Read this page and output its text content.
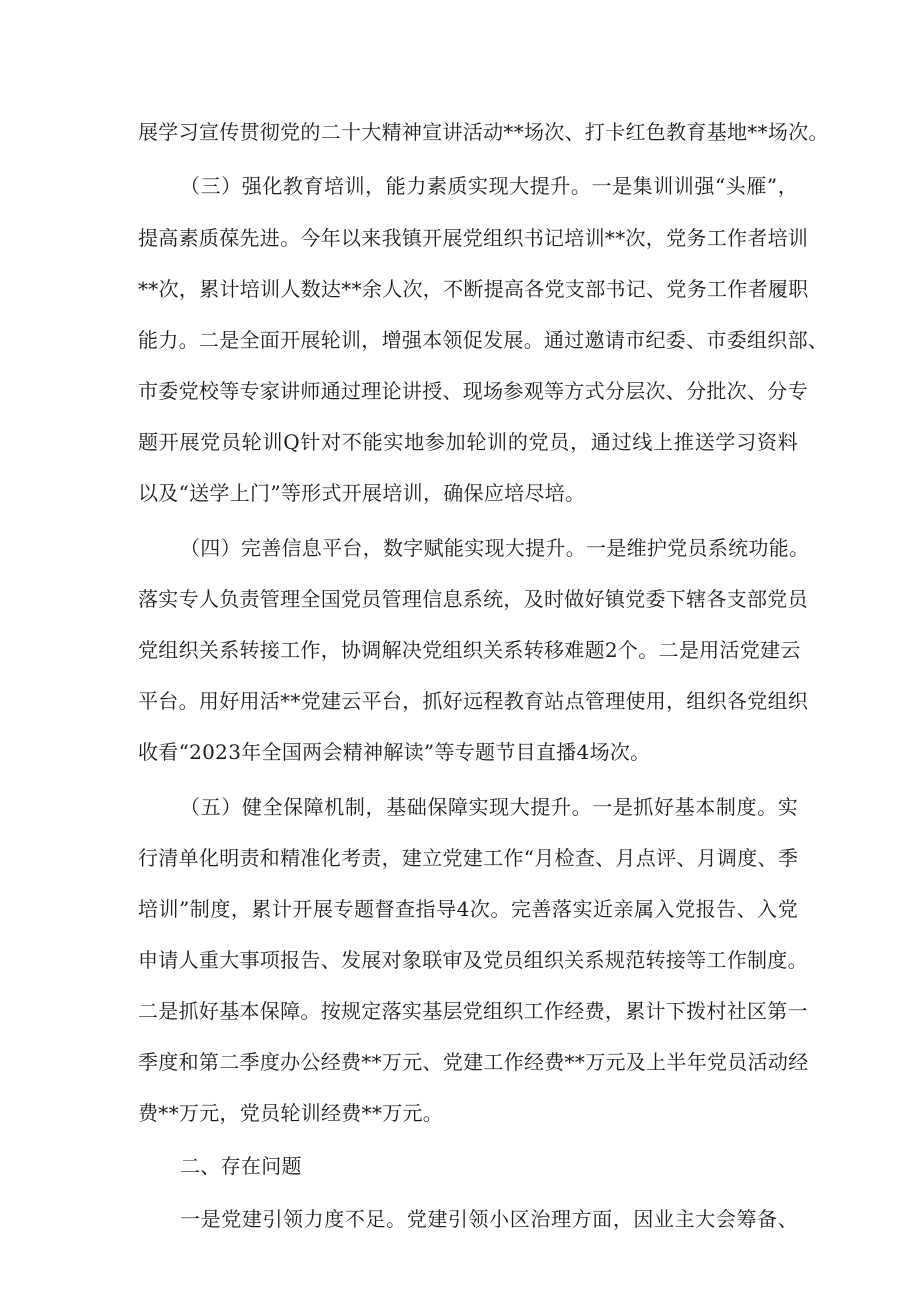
展学习宣传贯彻党的二十大精神宣讲活动**场次、打卡红色教育基地**场次。
（三）强化教育培训，能力素质实现大提升。一是集训训强“头雁”，
提高素质葆先进。今年以来我镇开展党组织书记培训**次，党务工作者培训
**次，累计培训人数达**余人次，不断提高各党支部书记、党务工作者履职
能力。二是全面开展轮训，增强本领促发展。通过邀请市纪委、市委组织部、
市委党校等专家讲师通过理论讲授、现场参观等方式分层次、分批次、分专
题开展党员轮训Q针对不能实地参加轮训的党员，通过线上推送学习资料
以及“送学上门”等形式开展培训，确保应培尽培。
（四）完善信息平台，数字赋能实现大提升。一是维护党员系统功能。
落实专人负责管理全国党员管理信息系统，及时做好镇党委下辖各支部党员
党组织关系转接工作，协调解决党组织关系转移难题2个。二是用活党建云
平台。用好用活**党建云平台，抓好远程教育站点管理使用，组织各党组织
收看“2023年全国两会精神解读”等专题节目直播4场次。
（五）健全保障机制，基础保障实现大提升。一是抓好基本制度。实
行清单化明责和精准化考责，建立党建工作“月检查、月点评、月调度、季
培训”制度，累计开展专题督查指导4次。完善落实近亲属入党报告、入党
申请人重大事项报告、发展对象联审及党员组织关系规范转接等工作制度。
二是抓好基本保障。按规定落实基层党组织工作经费，累计下拨村社区第一
季度和第二季度办公经费**万元、党建工作经费**万元及上半年党员活动经
费**万元，党员轮训经费**万元。
二、存在问题
一是党建引领力度不足。党建引领小区治理方面，因业主大会筹备、
